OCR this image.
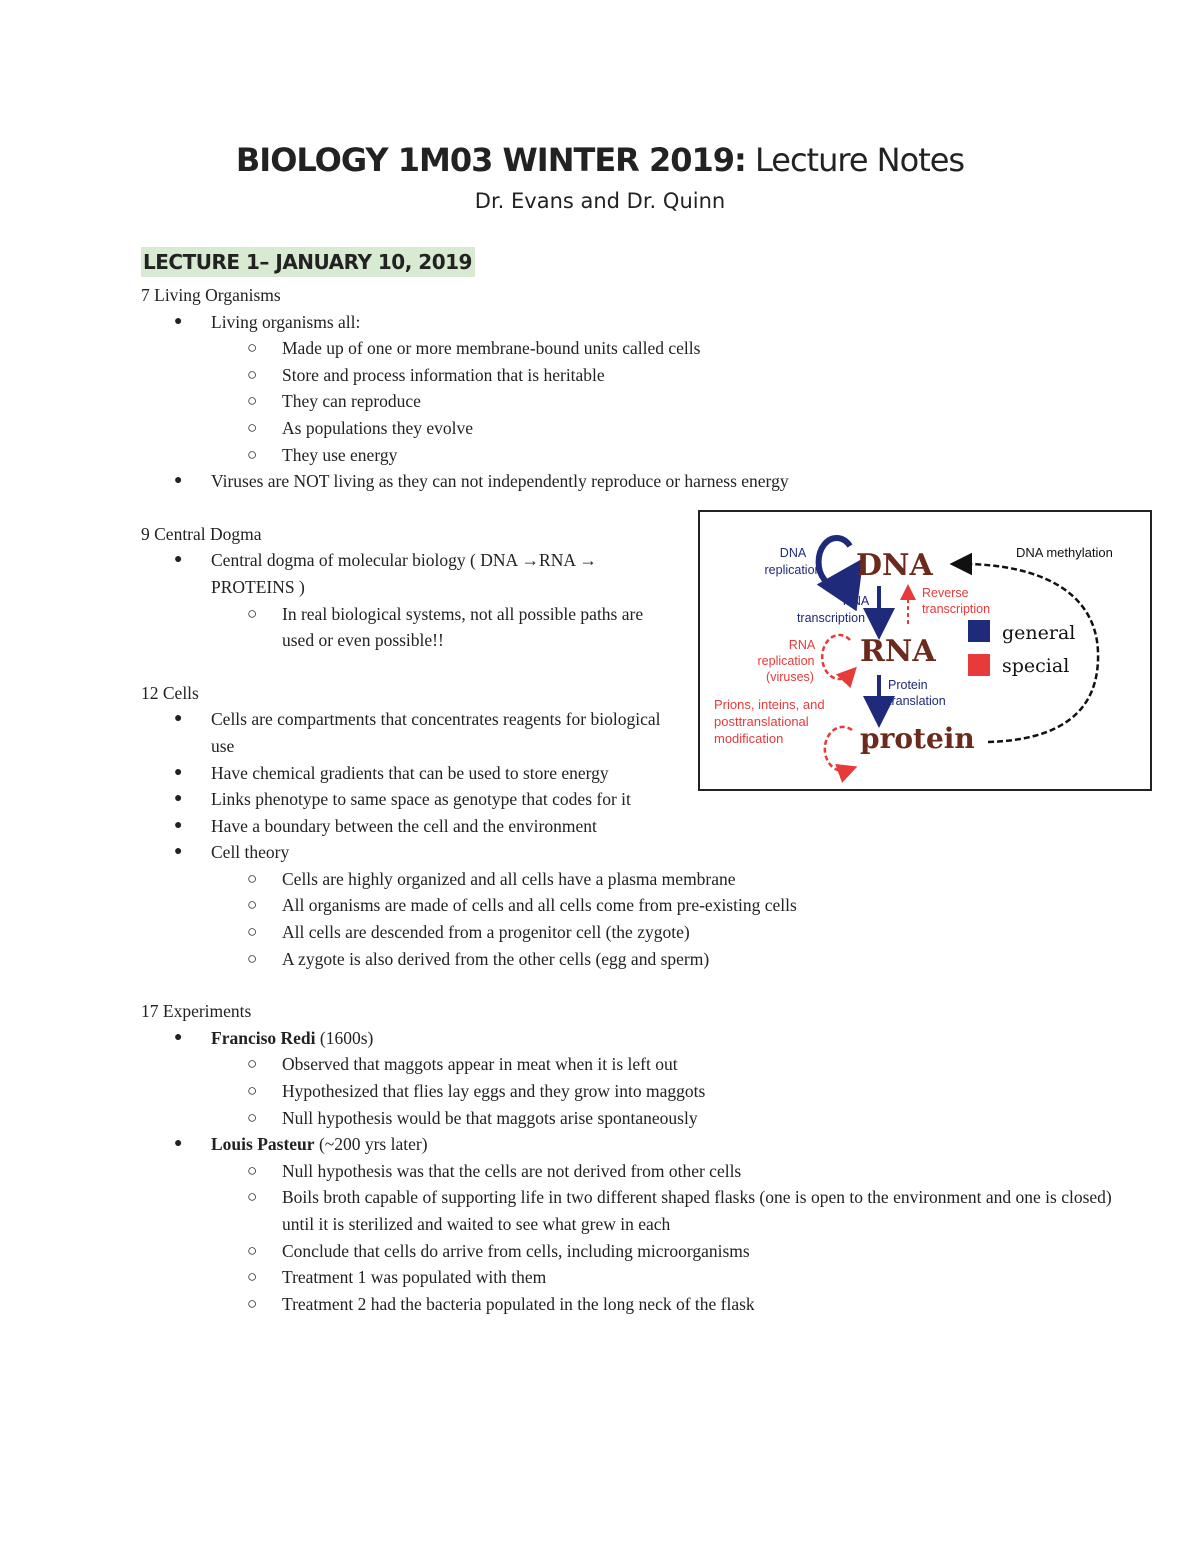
BIOLOGY 1M03 WINTER 2019: Lecture Notes
Dr. Evans and Dr. Quinn
LECTURE 1– JANUARY 10, 2019

7 Living Organisms

● Living organisms all:
○ Made up of one or more membrane-bound units called cells
○ Store and process information that is heritable
○ They can reproduce
○ As populations they evolve
○ They use energy
● Viruses are NOT living as they can not independently reproduce or harness energy

9 Central Dogma

● Central dogma of molecular biology ( DNA →RNA → PROTEINS )
○ In real biological systems, not all possible paths are used or even possible!!

12 Cells

● Cells are compartments that concentrates reagents for biological use
● Have chemical gradients that can be used to store energy
● Links phenotype to same space as genotype that codes for it
● Have a boundary between the cell and the environment
● Cell theory
○ Cells are highly organized and all cells have a plasma membrane
○ All organisms are made of cells and all cells come from pre-existing cells
○ All cells are descended from a progenitor cell (the zygote)
○ A zygote is also derived from the other cells (egg and sperm)

17 Experiments

● Franciso Redi (1600s)
○ Observed that maggots appear in meat when it is left out
○ Hypothesized that flies lay eggs and they grow into maggots
○ Null hypothesis would be that maggots arise spontaneously
● Louis Pasteur (~200 yrs later)
○ Null hypothesis was that the cells are not derived from other cells
○ Boils broth capable of supporting life in two different shaped flasks (one is open to the environment and one is closed) until it is sterilized and waited to see what grew in each
○ Conclude that cells do arrive from cells, including microorganisms
○ Treatment 1 was populated with them
○ Treatment 2 had the bacteria populated in the long neck of the flask
DNA
replication DNA
RNA
transcription
Reverse
transcription
RNA
replication
(viruses)
RNA
Protein
translation
Prions, inteins, and
posttranslational
modification	protein
DNA methylation
general
special
